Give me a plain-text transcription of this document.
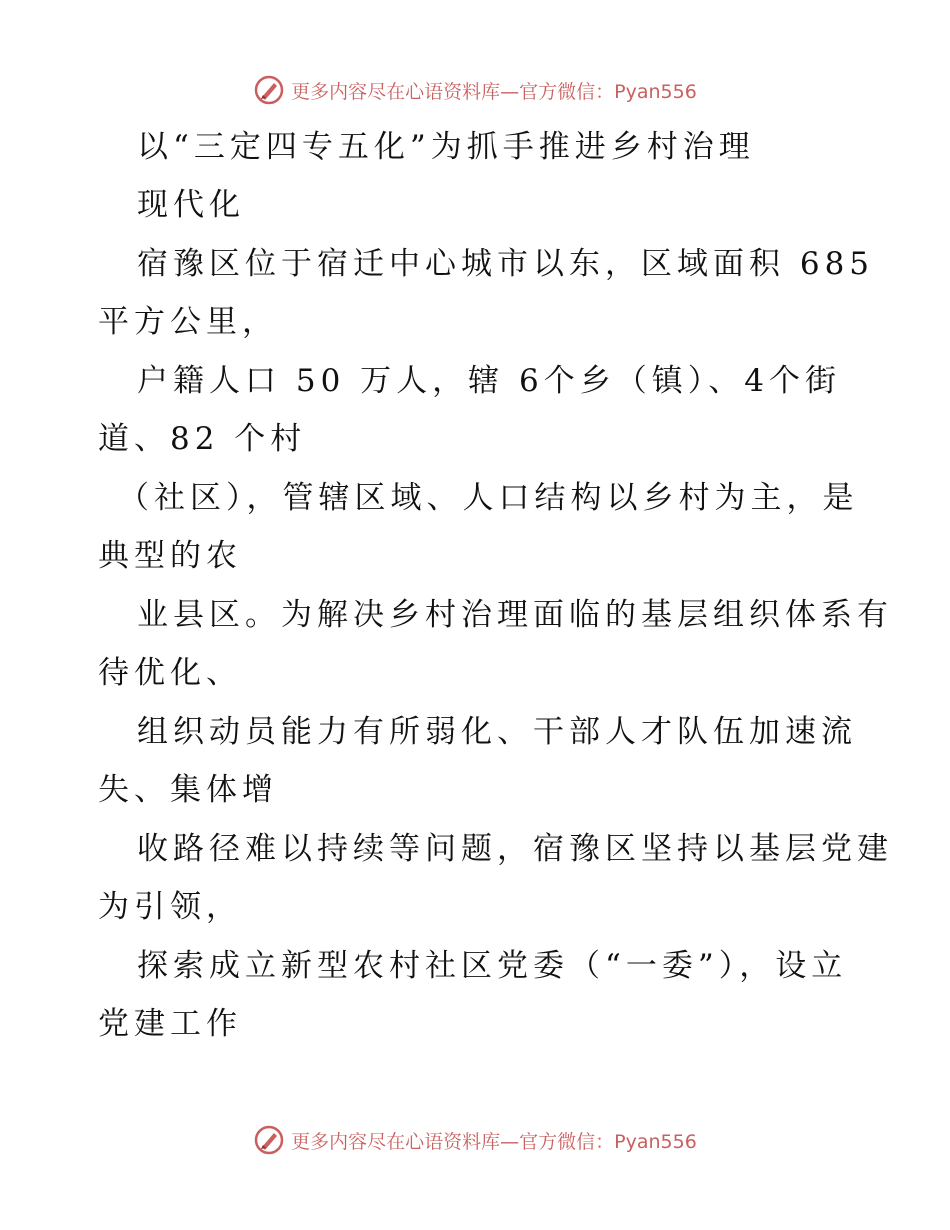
更多内容尽在心语资料库—官方微信：Pyan556
以“三定四专五化”为抓手推进乡村治理
现代化
宿豫区位于宿迁中心城市以东，区域面积 685
平方公里，
户籍人口 50 万人，辖 6个乡（镇）、4个街
道、82 个村
（社区），管辖区域、人口结构以乡村为主，是
典型的农
业县区。为解决乡村治理面临的基层组织体系有
待优化、
组织动员能力有所弱化、干部人才队伍加速流
失、集体增
收路径难以持续等问题，宿豫区坚持以基层党建
为引领，
探索成立新型农村社区党委（“一委”），设立
党建工作
更多内容尽在心语资料库—官方微信：Pyan556
